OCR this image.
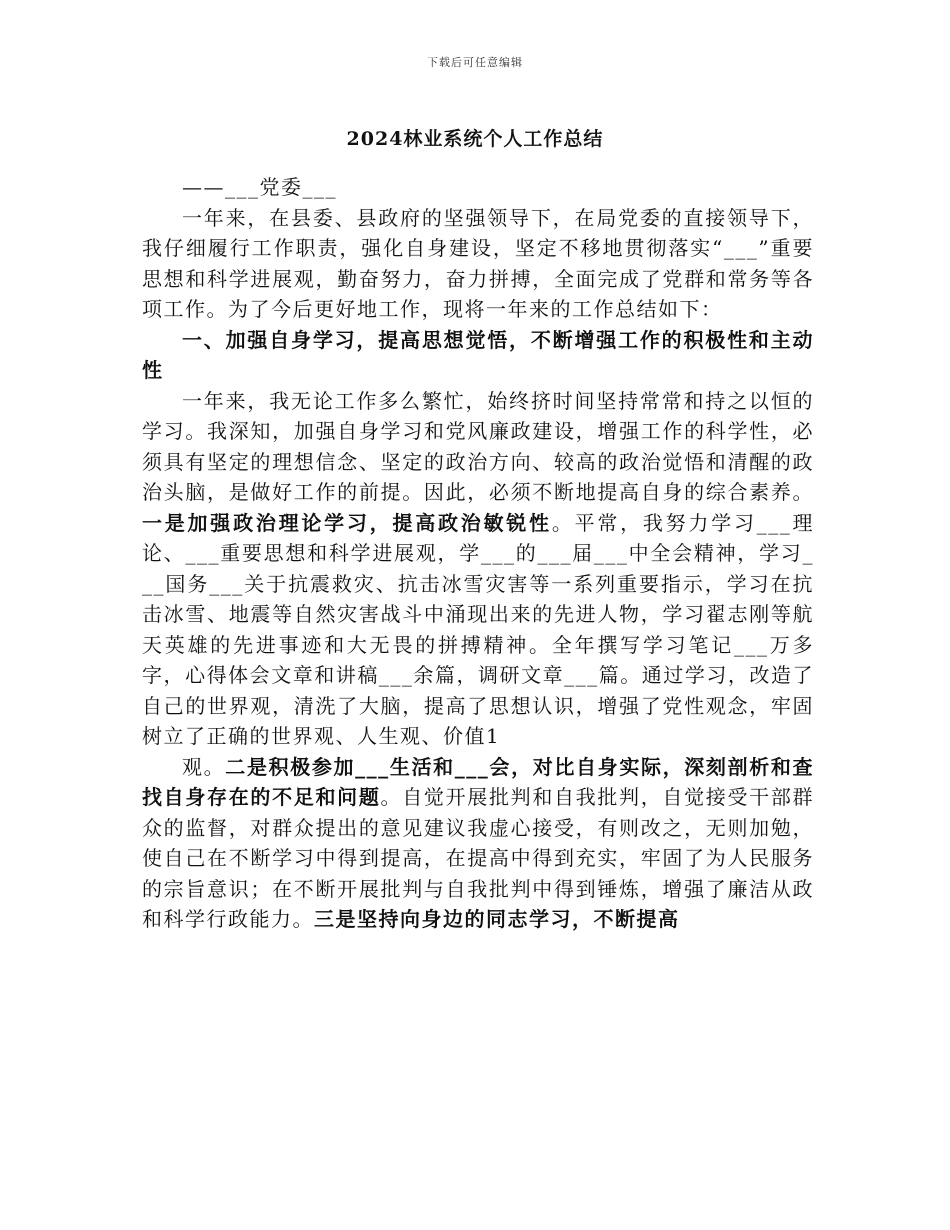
下载后可任意编辑
2024林业系统个人工作总结

——___党委___

一年来，在县委、县政府的坚强领导下，在局党委的直接领导下，我仔细履行工作职责，强化自身建设，坚定不移地贯彻落实“___”重要思想和科学进展观，勤奋努力，奋力拼搏，全面完成了党群和常务等各项工作。为了今后更好地工作，现将一年来的工作总结如下：

一、加强自身学习，提高思想觉悟，不断增强工作的积极性和主动性

一年来，我无论工作多么繁忙，始终挤时间坚持常常和持之以恒的学习。我深知，加强自身学习和党风廉政建设，增强工作的科学性，必须具有坚定的理想信念、坚定的政治方向、较高的政治觉悟和清醒的政治头脑，是做好工作的前提。因此，必须不断地提高自身的综合素养。一是加强政治理论学习，提高政治敏锐性。平常，我努力学习___理论、___重要思想和科学进展观，学___的___届___中全会精神，学习___国务___关于抗震救灾、抗击冰雪灾害等一系列重要指示，学习在抗击冰雪、地震等自然灾害战斗中涌现出来的先进人物，学习翟志刚等航天英雄的先进事迹和大无畏的拼搏精神。全年撰写学习笔记___万多字，心得体会文章和讲稿___余篇，调研文章___篇。通过学习，改造了自己的世界观，清洗了大脑，提高了思想认识，增强了党性观念，牢固树立了正确的世界观、人生观、价值1

观。二是积极参加___生活和___会，对比自身实际，深刻剖析和查找自身存在的不足和问题。自觉开展批判和自我批判，自觉接受干部群众的监督，对群众提出的意见建议我虚心接受，有则改之，无则加勉，使自己在不断学习中得到提高，在提高中得到充实，牢固了为人民服务的宗旨意识；在不断开展批判与自我批判中得到锤炼，增强了廉洁从政和科学行政能力。三是坚持向身边的同志学习，不断提高
